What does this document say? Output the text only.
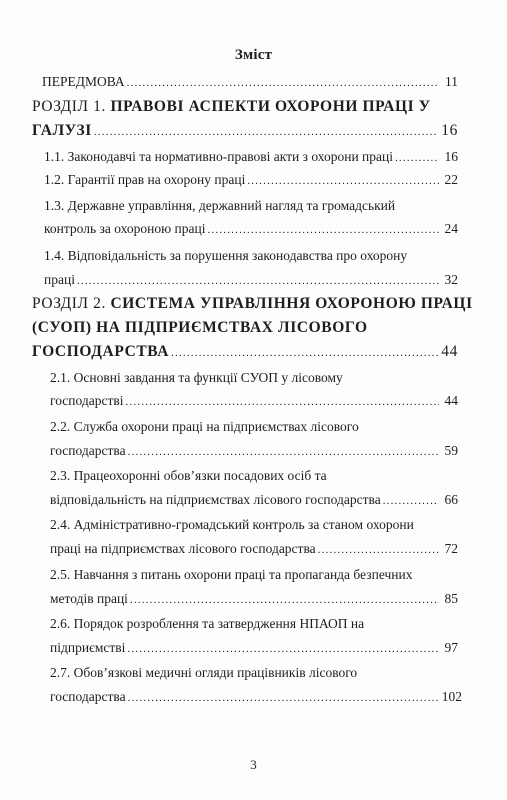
Зміст
ПЕРЕДМОВА .....	11
РОЗДІЛ 1. ПРАВОВІ АСПЕКТИ ОХОРОНИ ПРАЦІ У
ГАЛУЗІ .....	16
1.1. Законодавчі та нормативно-правові акти з охорони праці .....	16
1.2. Гарантії прав на охорону праці .....	22
1.3. Державне управління, державний нагляд та громадський
контроль за охороною праці .....	24
1.4. Відповідальність за порушення законодавства про охорону
праці .....	32
РОЗДІЛ 2. СИСТЕМА УПРАВЛІННЯ ОХОРОНОЮ ПРАЦІ
(СУОП) НА ПІДПРИЄМСТВАХ ЛІСОВОГО
ГОСПОДАРСТВА .....	44
2.1. Основні завдання та функції СУОП у лісовому
господарстві .....	44
2.2. Служба охорони праці на підприємствах лісового
господарства .....	59
2.3. Працеохоронні обов’язки посадових осіб та
відповідальність на підприємствах лісового господарства .....	66
2.4. Адміністративно-громадський контроль за станом охорони
праці на підприємствах лісового господарства .....	72
2.5. Навчання з питань охорони праці та пропаганда безпечних
методів праці .....	85
2.6. Порядок розроблення та затвердження НПАОП на
підприємстві .....	97
2.7. Обов’язкові медичні огляди працівників лісового
господарства .....	102
3
